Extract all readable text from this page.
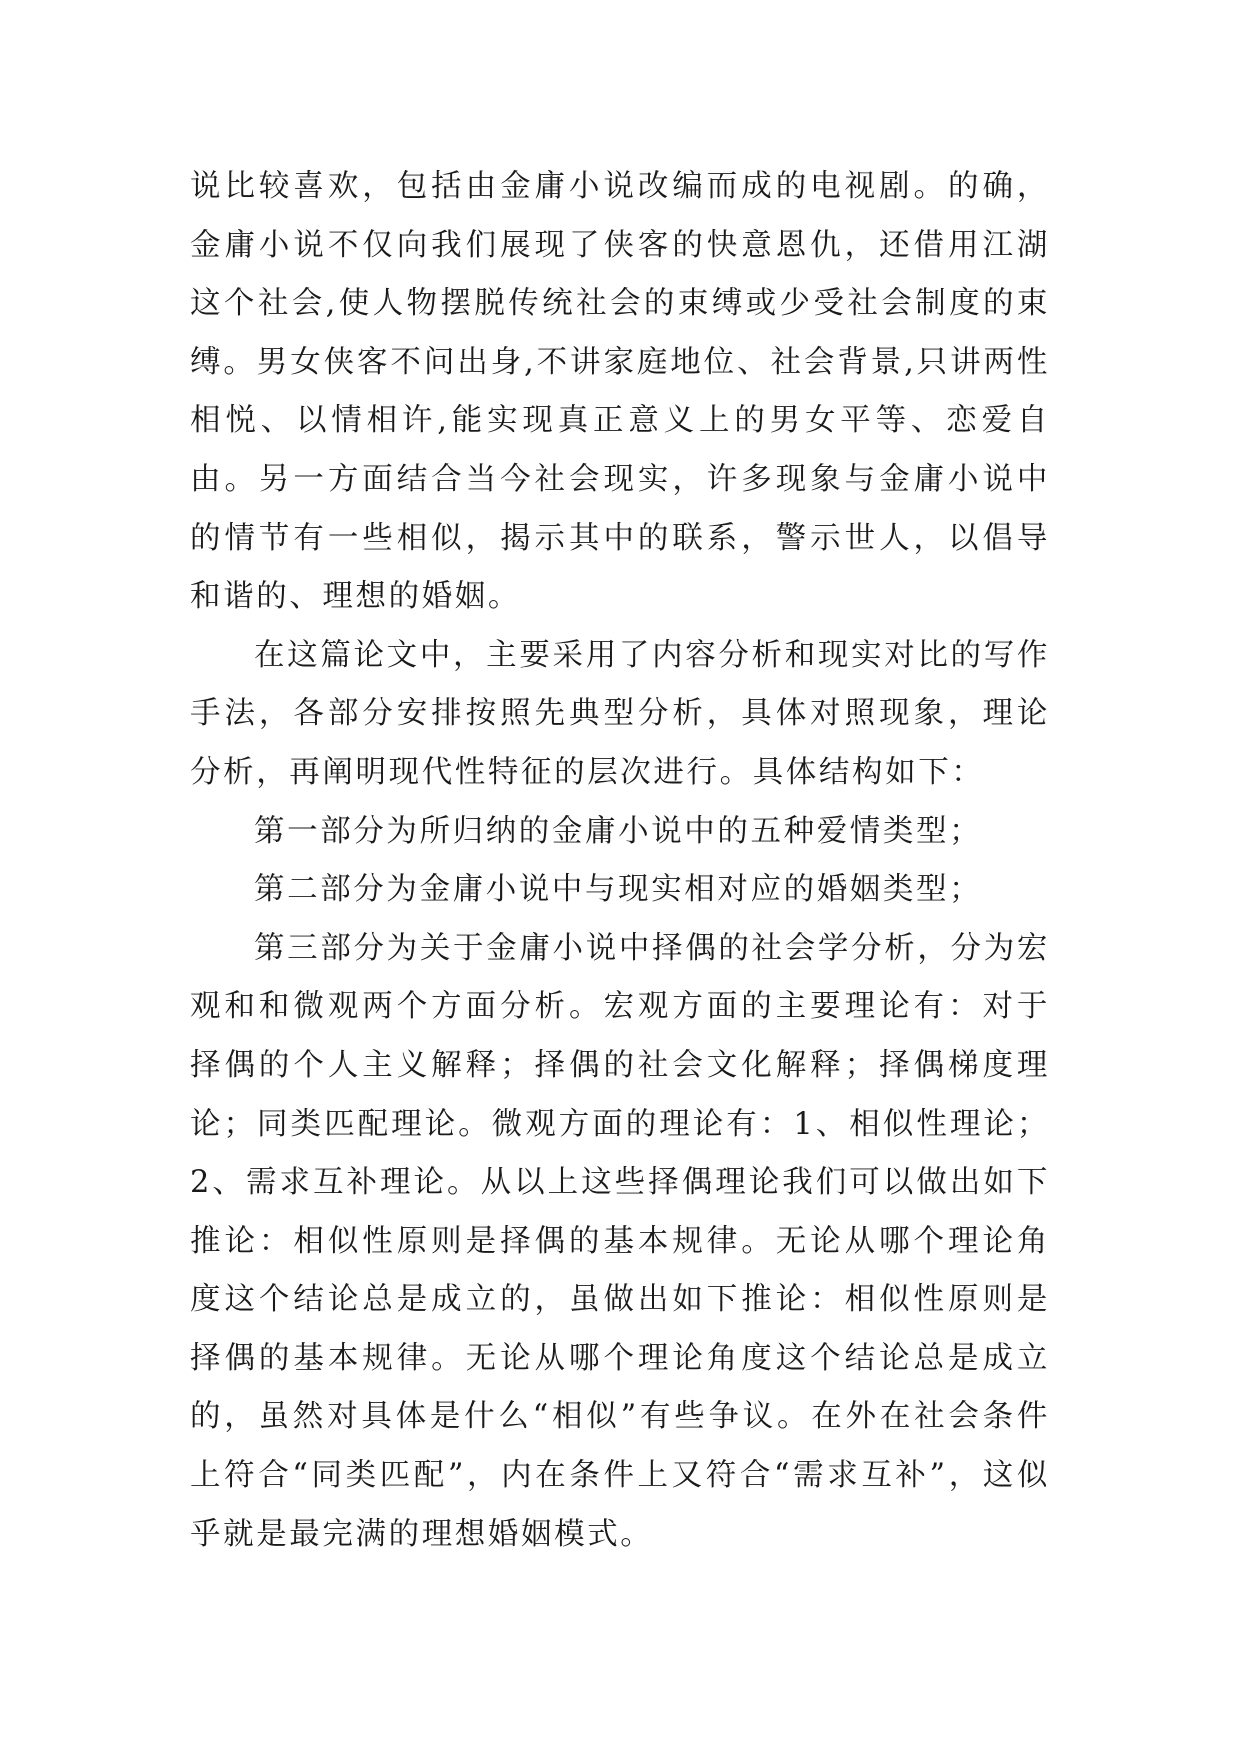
说比较喜欢，包括由金庸小说改编而成的电视剧。的确，金庸小说不仅向我们展现了侠客的快意恩仇，还借用江湖这个社会,使人物摆脱传统社会的束缚或少受社会制度的束缚。男女侠客不问出身,不讲家庭地位、社会背景,只讲两性相悦、以情相许,能实现真正意义上的男女平等、恋爱自由。另一方面结合当今社会现实，许多现象与金庸小说中的情节有一些相似，揭示其中的联系，警示世人，以倡导和谐的、理想的婚姻。

在这篇论文中，主要采用了内容分析和现实对比的写作手法，各部分安排按照先典型分析，具体对照现象，理论分析，再阐明现代性特征的层次进行。具体结构如下：

第一部分为所归纳的金庸小说中的五种爱情类型；

第二部分为金庸小说中与现实相对应的婚姻类型；

第三部分为关于金庸小说中择偶的社会学分析，分为宏观和和微观两个方面分析。宏观方面的主要理论有：对于择偶的个人主义解释；择偶的社会文化解释；择偶梯度理论；同类匹配理论。微观方面的理论有：1、相似性理论；2、需求互补理论。从以上这些择偶理论我们可以做出如下推论：相似性原则是择偶的基本规律。无论从哪个理论角度这个结论总是成立的，虽做出如下推论：相似性原则是择偶的基本规律。无论从哪个理论角度这个结论总是成立的，虽然对具体是什么“相似”有些争议。在外在社会条件上符合“同类匹配”，内在条件上又符合“需求互补”，这似乎就是最完满的理想婚姻模式。
